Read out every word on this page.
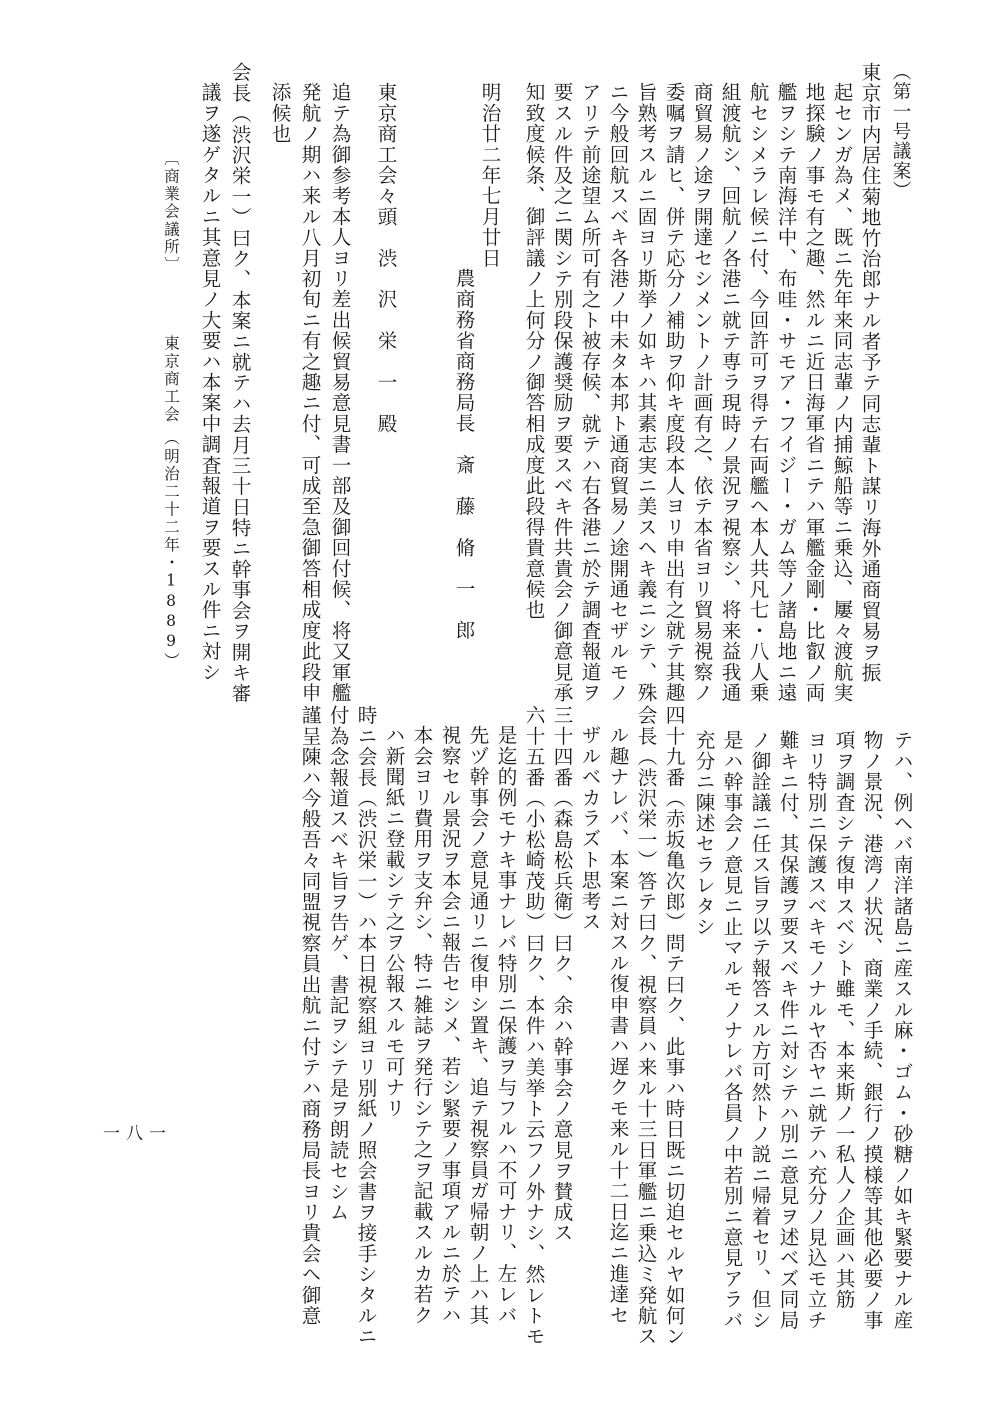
（第一号議案）
東京市内居住菊地竹治郎ナル者予テ同志輩ト謀リ海外通商貿易ヲ振
起センガ為メ、既ニ先年来同志輩ノ内捕鯨船等ニ乗込、屢々渡航実
地探験ノ事モ有之趣、然ルニ近日海軍省ニテハ軍艦金剛・比叡ノ両
艦ヲシテ南海洋中、布哇・サモア・フイジー・ガム等ノ諸島地ニ遠
航セシメラレ候ニ付、今回許可ヲ得テ右両艦ヘ本人共凡七・八人乗
組渡航シ、回航ノ各港ニ就テ専ラ現時ノ景況ヲ視察シ、将来益我通
商貿易ノ途ヲ開達セシメントノ計画有之、依テ本省ヨリ貿易視察ノ
委嘱ヲ請ヒ、併テ応分ノ補助ヲ仰キ度段本人ヨリ申出有之就テ其趣
旨熟考スルニ固ヨリ斯挙ノ如キハ其素志実ニ美スヘキ義ニシテ、殊
ニ今般回航スベキ各港ノ中未タ本邦ト通商貿易ノ途開通セザルモノ
アリテ前途望ム所可有之ト被存候、就テハ右各港ニ於テ調査報道ヲ
要スル件及之ニ関シテ別段保護奨励ヲ要スベキ件共貴会ノ御意見承
知致度候条、御評議ノ上何分ノ御答相成度此段得貴意候也
明治廿二年七月廿日
農商務省商務局長　斎　藤　脩　一　郎
東京商工会々頭　渋　沢　栄　一　殿
追テ為御参考本人ヨリ差出候貿易意見書一部及御回付候、将又軍艦
発航ノ期ハ来ル八月初旬ニ有之趣ニ付、可成至急御答相成度此段申
添候也
会長（渋沢栄一）曰ク、本案ニ就テハ去月三十日特ニ幹事会ヲ開キ審
議ヲ遂ゲタルニ其意見ノ大要ハ本案中調査報道ヲ要スル件ニ対シ
〔商業会議所〕
東京商工会
（明治二十二年・1889）
テハ、例ヘバ南洋諸島ニ産スル麻・ゴム・砂糖ノ如キ緊要ナル産
物ノ景況、港湾ノ状況、商業ノ手続、銀行ノ摸様等其他必要ノ事
項ヲ調査シテ復申スベシト雖モ、本来斯ノ一私人ノ企画ハ其筋
ヨリ特別ニ保護スベキモノナルヤ否ヤニ就テハ充分ノ見込モ立チ
難キニ付、其保護ヲ要スベキ件ニ対シテハ別ニ意見ヲ述ベズ同局
ノ御詮議ニ任ス旨ヲ以テ報答スル方可然トノ説ニ帰着セリ、但シ
是ハ幹事会ノ意見ニ止マルモノナレバ各員ノ中若別ニ意見アラバ
充分ニ陳述セラレタシ
四十九番（赤坂亀次郎）問テ曰ク、此事ハ時日既ニ切迫セルヤ如何ン
会長（渋沢栄一）答テ曰ク、視察員ハ来ル十三日軍艦ニ乗込ミ発航ス
ル趣ナレバ、本案ニ対スル復申書ハ遅クモ来ル十二日迄ニ進達セ
ザルベカラズト思考ス
三十四番（森島松兵衛）曰ク、余ハ幹事会ノ意見ヲ賛成ス
六十五番（小松崎茂助）曰ク、本件ハ美挙ト云フノ外ナシ、然レトモ
是迄的例モナキ事ナレバ特別ニ保護ヲ与フルハ不可ナリ、左レバ
先ヅ幹事会ノ意見通リニ復申シ置キ、追テ視察員ガ帰朝ノ上ハ其
視察セル景況ヲ本会ニ報告セシメ、若シ緊要ノ事項アルニ於テハ
本会ヨリ費用ヲ支弁シ、特ニ雑誌ヲ発行シテ之ヲ記載スルカ若ク
ハ新聞紙ニ登載シテ之ヲ公報スルモ可ナリ
時ニ会長（渋沢栄一）ハ本日視察組ヨリ別紙ノ照会書ヲ接手シタルニ
付為念報道スベキ旨ヲ告ゲ、書記ヲシテ是ヲ朗読セシム
謹呈陳ハ今般吾々同盟視察員出航ニ付テハ商務局長ヨリ貴会ヘ御意
一八一
